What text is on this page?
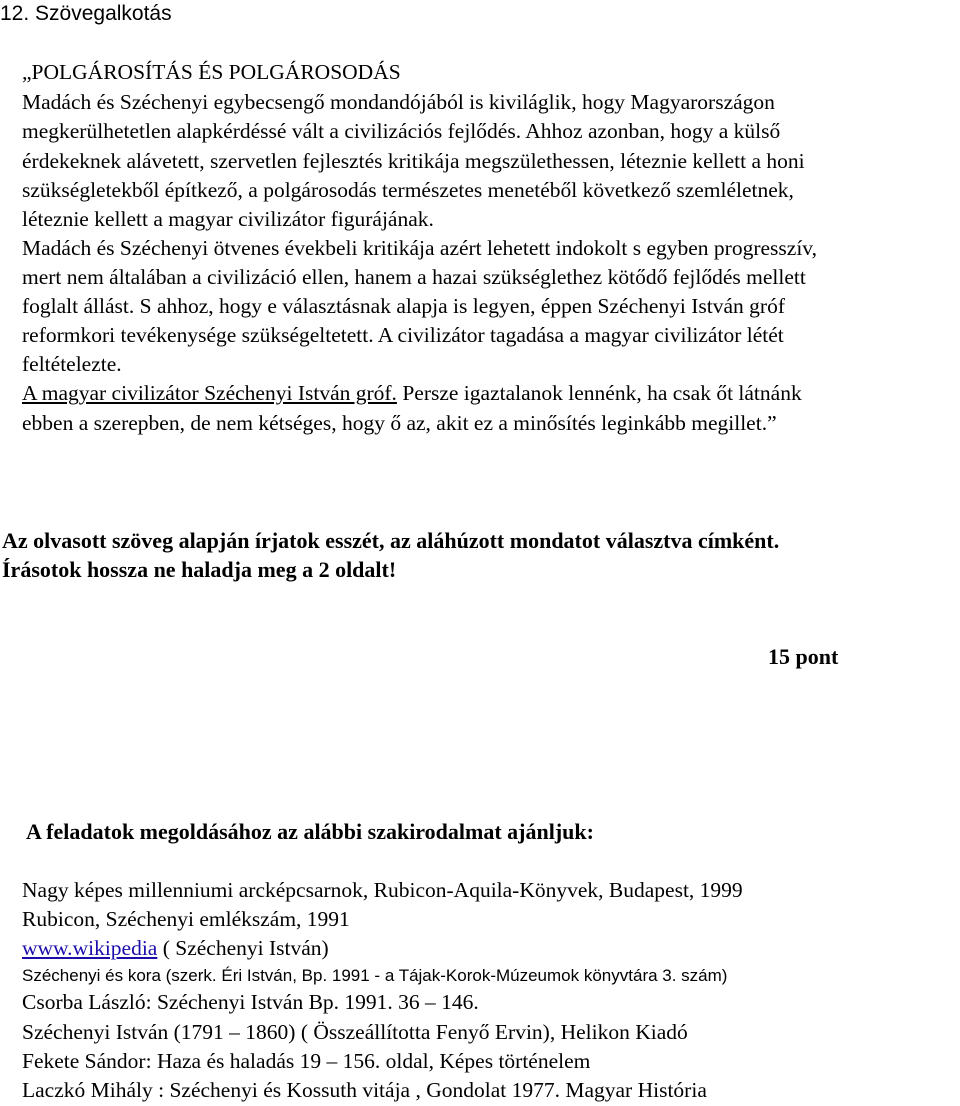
12. Szövegalkotás
„POLGÁROSÍTÁS ÉS POLGÁROSODÁS
Madách és Széchenyi egybecsengő mondandójából is kiviláglik, hogy Magyarországon
megkerülhetetlen alapkérdéssé vált a civilizációs fejlődés. Ahhoz azonban, hogy a külső
érdekeknek alávetett, szervetlen fejlesztés kritikája megszülethessen, léteznie kellett a honi
szükségletekből építkező, a polgárosodás természetes menetéből következő szemléletnek,
léteznie kellett a magyar civilizátor figurájának.
Madách és Széchenyi ötvenes évekbeli kritikája azért lehetett indokolt s egyben progresszív,
mert nem általában a civilizáció ellen, hanem a hazai szükséglethez kötődő fejlődés mellett
foglalt állást. S ahhoz, hogy e választásnak alapja is legyen, éppen Széchenyi István gróf
reformkori tevékenysége szükségeltetett. A civilizátor tagadása a magyar civilizátor létét
feltételezte.
A magyar civilizátor Széchenyi István gróf. Persze igaztalanok lennénk, ha csak őt látnánk
ebben a szerepben, de nem kétséges, hogy ő az, akit ez a minősítés leginkább megillet.”
Az olvasott szöveg alapján írjatok esszét, az aláhúzott mondatot választva címként.
Írásotok hossza ne haladja meg a 2 oldalt!
15 pont
A feladatok megoldásához az alábbi szakirodalmat ajánljuk:
Nagy képes millenniumi arcképcsarnok, Rubicon-Aquila-Könyvek, Budapest, 1999
Rubicon, Széchenyi emlékszám, 1991
www.wikipedia ( Széchenyi István)
Széchenyi és kora (szerk. Éri István, Bp. 1991 - a Tájak-Korok-Múzeumok könyvtára 3. szám)
Csorba László: Széchenyi István Bp. 1991. 36 – 146.
Széchenyi István (1791 – 1860) ( Összeállította Fenyő Ervin), Helikon Kiadó
Fekete Sándor: Haza és haladás 19 – 156. oldal, Képes történelem
Laczkó Mihály : Széchenyi és Kossuth vitája , Gondolat 1977. Magyar História
